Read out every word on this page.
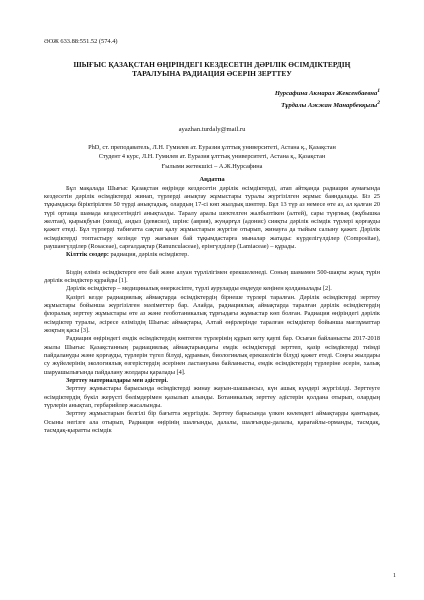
ӘОЖ 633.88:551.52 (574.4)
ШЫҒЫС ҚАЗАҚСТАН ӨҢІРІНДЕГІ КЕЗДЕСЕТІН ДӘРІЛІК ӨСІМДІКТЕРДІҢ
ТАРАЛУЫНА РАДИАЦИЯ ӘСЕРІН ЗЕРТТЕУ
Нурсафина Акмарал Жексенбаевна$^1$
Тұрдалы Ажжан Манарбекқызы$^2$
ayazhan.turdaly@mail.ru
PhD, ст. преподаватель, Л.Н. Гумилев ат. Еуразия ұлттық университеті, Астана қ., Қазақстан
Студент 4 курс, Л.Н. Гумилев ат. Еуразия ұлттық университеті, Астана қ., Қазақстан
Ғылыми жетекшісі – А.Ж.Нурсафина
Аңдатпа

Бұл мақалада Шығыс Қазақстан өңірінде кездесетін дәрілік өсімдіктерді, атап айтқанда радиация аумағында кездесетін дәрілік өсімдіктерді жинап, түрлерді анықтау жұмыстары туралы жүргізілген жұмыс баяндалады. Біз 25 тұқымдасқа біріктірілген 50 түрді анықтадық, олардың 17-сі көп жылдық шөптер. Бұл 13 түр аз немесе өте аз, ал қалған 20 түрі ортаща шамада кездесетіндігі анықталды. Таралу аралы шектелген жалбызтікен (алтей), сары түңгиық (жұбышка желтая), қырықбуын (хвощ), андыз (девясил), шрінс (аврия), жуңарғұл (адонис) сияқты дәрілік өсімдік түрлері қорғауды қажет етеді. Бұл түрлерді табиғатта сақтап қалу жұмыстарын жүргізе отырып, жинауға да тыйым салыну қажет. Дәрілік өсімдіктерді топтастыру кезінде түр жағынан бай тұқымдастарға мыналар жатады: күрделігүлділер (Compositae), раушангүлділер (Rosaceae), сарғалдақтар (Ranunculaceae), ерінгүлділер (Lamiaceae) – құрады.

Кілттік сөздер: радиация, дәрілік өсімдіктер.

Біздің еліміз өсімдіктерге өте бай және алуан түрлілігімен ерекшеленеді. Соның шамамен 500-шақты жуық түрін дәрілік өсімдіктер құрайды [1].

Дәрілік өсімдіктер – медициналық өнеркәсіпте, түрлі ауруларды емдеуде кеңінен қолданылады [2].

Қазіргі кезде радиациялық аймақтарда өсімдіктердің бірнеше түрлері таралған. Дәрілік өсімдіктерді зерттеу жұмыстары бойынша жүргізілген мәліметтер бар. Алайда, радиациялық аймақтарда таралған дәрілік өсімдіктердің флоралық зерттеу жұмыстары өте аз және геоботаникалық тұрғыдағы жұмыстар көп болған. Радиация өңіріндегі дәрілік өсімдіктер туралы, әсіресе еліміздің Шығыс аймақтары, Алтай өңірлерінде таралған өсімдіктер бойынша мағлұматтар жоқтың қасы [3].

Радиация өңіріндегі емдік өсімдіктердің көптеген түрлерінің құрып кету қаупі бар. Осыған байланысты 2017-2018 жылы Шығыс Қазақстанның радиациялық аймақтарындағы емдік өсімдіктерді зерттеп, қазір өсімдіктерді тиімді пайдалануды және қорғауды, түрлерін түгел білуді, құрамын, биологиялық ерекшелігін білуді қажет етеді. Соңғы жылдары су жүйелерінің экологиялық өзгерістердің әсерінен ластануына байланысты, емдік өсімдіктердің түрлеріне әсерін, халық шаруашылығында пайдалану жолдары қаралады [4].

Зерттеу материалдары мен әдістері.

Зерттеу жұмыстары барысында өсімдіктерді жинау жауын-шашынсыз, күн ашық күндері жүргізілді. Зерттеуге өсімдіктердің бүкіл жерүсті бөлімдерімен қазылып алынды. Ботаникалық зерттеу әдістерін қолдана отырып, олардың түрлерін анықтап, гербарийлер жасалынды.

Зерттеу жұмыстарын белгілі бір бағытта жүргіздік. Зерттеу барысында үлкен көлемдегі аймақтарды қамтыдық. Осыны негізге ала отырып, Радиация өңірінің шалғынды, далалы, шалғынды-далалы, қарағайлы-орманды, тасмдақ, тасмдақ-қыратты өсімдік

1
